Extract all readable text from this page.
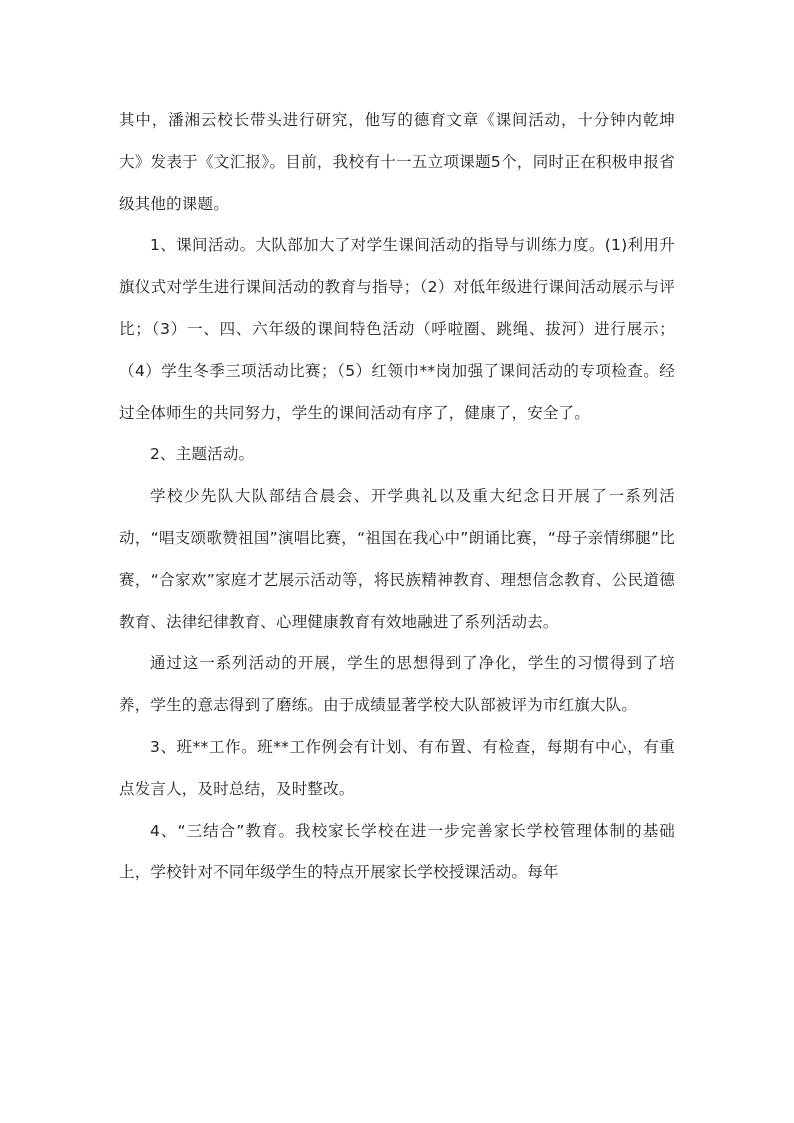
其中，潘湘云校长带头进行研究，他写的德育文章《课间活动，十分钟内乾坤大》发表于《文汇报》。目前，我校有十一五立项课题5个，同时正在积极申报省级其他的课题。

1、课间活动。大队部加大了对学生课间活动的指导与训练力度。(1)利用升旗仪式对学生进行课间活动的教育与指导；（2）对低年级进行课间活动展示与评比；（3）一、四、六年级的课间特色活动（呼啦圈、跳绳、拔河）进行展示；（4）学生冬季三项活动比赛；（5）红领巾**岗加强了课间活动的专项检查。经过全体师生的共同努力，学生的课间活动有序了，健康了，安全了。

2、主题活动。

学校少先队大队部结合晨会、开学典礼以及重大纪念日开展了一系列活动，“唱支颂歌赞祖国”演唱比赛，“祖国在我心中”朗诵比赛，“母子亲情绑腿”比赛，“合家欢”家庭才艺展示活动等，将民族精神教育、理想信念教育、公民道德教育、法律纪律教育、心理健康教育有效地融进了系列活动去。

通过这一系列活动的开展，学生的思想得到了净化，学生的习惯得到了培养，学生的意志得到了磨练。由于成绩显著学校大队部被评为市红旗大队。

3、班**工作。班**工作例会有计划、有布置、有检查，每期有中心，有重点发言人，及时总结，及时整改。

4、“三结合”教育。我校家长学校在进一步完善家长学校管理体制的基础上，学校针对不同年级学生的特点开展家长学校授课活动。每年
